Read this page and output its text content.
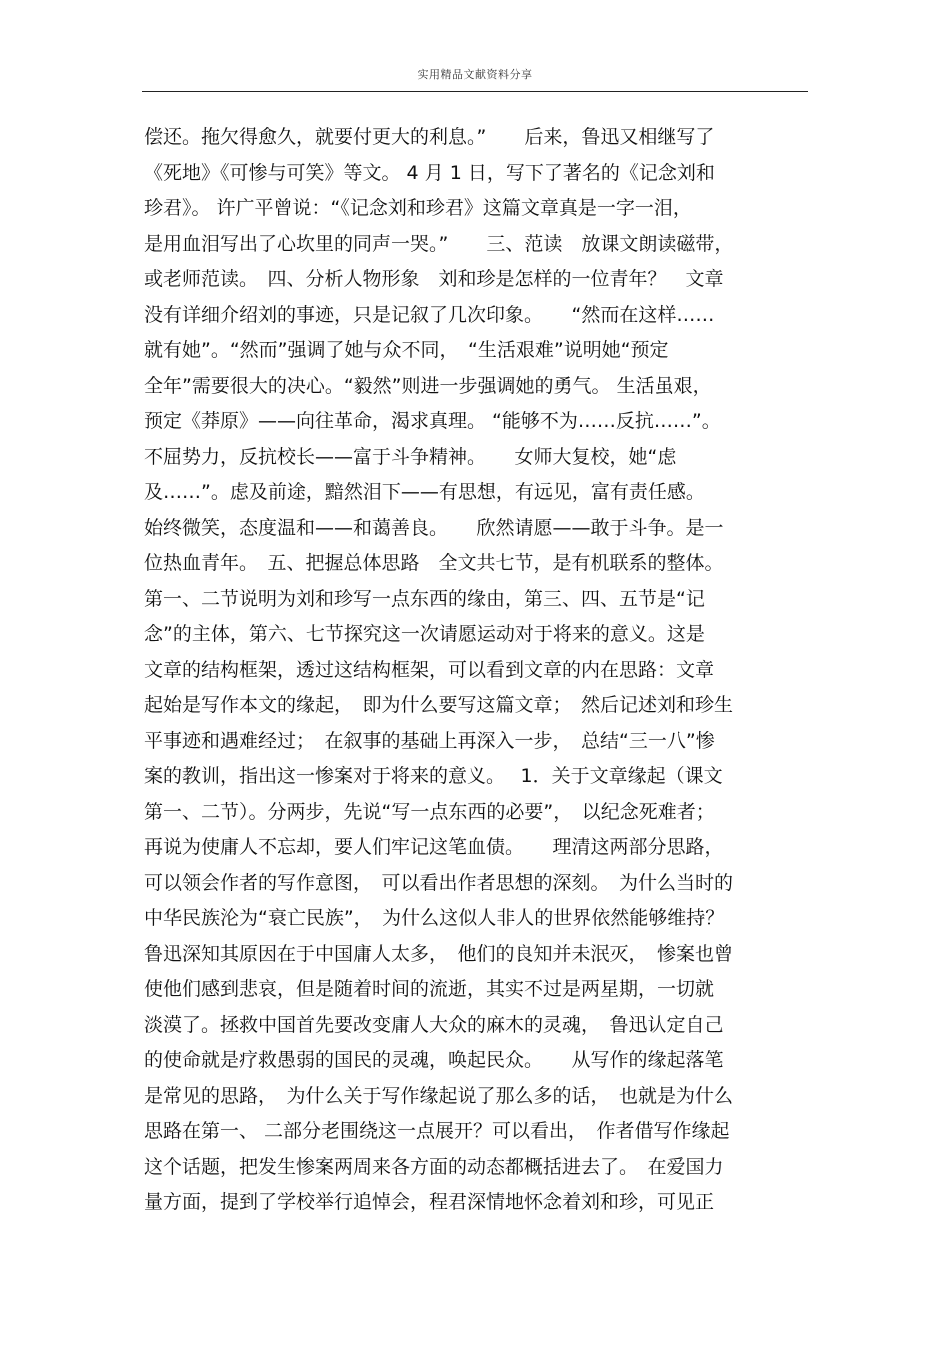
实用精品文献资料分享
偿还。拖欠得愈久，就要付更大的利息。”　　后来，鲁迅又相继写了
《死地》《可惨与可笑》等文。 4 月 1 日，写下了著名的《记念刘和
珍君》。 许广平曾说：“《记念刘和珍君》这篇文章真是一字一泪，
是用血泪写出了心坎里的同声一哭。”　　三、范读　放课文朗读磁带，
或老师范读。　四、分析人物形象　刘和珍是怎样的一位青年？　文章
没有详细介绍刘的事迹，只是记叙了几次印象。　　“然而在这样……
就有她”。“然而”强调了她与众不同，　“生活艰难”说明她“预定
全年”需要很大的决心。“毅然”则进一步强调她的勇气。 生活虽艰，
预定《莽原》——向往革命，渴求真理。 “能够不为……反抗……”。
不屈势力，反抗校长——富于斗争精神。　　女师大复校，她“虑
及……”。虑及前途，黯然泪下——有思想，有远见，富有责任感。
始终微笑，态度温和——和蔼善良。　　欣然请愿——敢于斗争。是一
位热血青年。　五、把握总体思路　全文共七节，是有机联系的整体。
第一、二节说明为刘和珍写一点东西的缘由，第三、四、五节是“记
念”的主体，第六、七节探究这一次请愿运动对于将来的意义。这是
文章的结构框架，透过这结构框架，可以看到文章的内在思路：文章
起始是写作本文的缘起，　即为什么要写这篇文章；　然后记述刘和珍生
平事迹和遇难经过；　在叙事的基础上再深入一步，　总结“三一八”惨
案的教训，指出这一惨案对于将来的意义。　 1．关于文章缘起（课文
第一、二节）。分两步，先说“写一点东西的必要”，　以纪念死难者；
再说为使庸人不忘却，要人们牢记这笔血债。　　理清这两部分思路，
可以领会作者的写作意图，　可以看出作者思想的深刻。　为什么当时的
中华民族沦为“衰亡民族”，　为什么这似人非人的世界依然能够维持？
鲁迅深知其原因在于中国庸人太多，　他们的良知并未泯灭，　惨案也曾
使他们感到悲哀，但是随着时间的流逝，其实不过是两星期，一切就
淡漠了。拯救中国首先要改变庸人大众的麻木的灵魂，　鲁迅认定自己
的使命就是疗救愚弱的国民的灵魂，唤起民众。　　从写作的缘起落笔
是常见的思路，　为什么关于写作缘起说了那么多的话，　也就是为什么
思路在第一、 二部分老围绕这一点展开？可以看出，　作者借写作缘起
这个话题，把发生惨案两周来各方面的动态都概括进去了。　在爱国力
量方面，提到了学校举行追悼会，程君深情地怀念着刘和珍，可见正
